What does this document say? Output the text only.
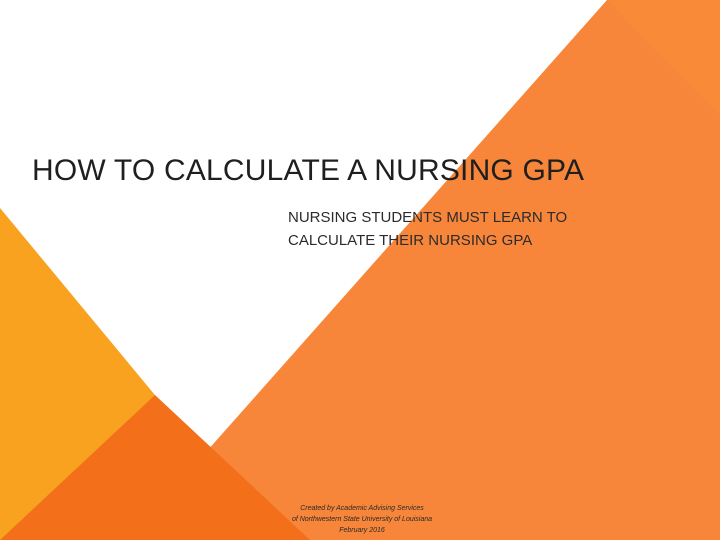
HOW TO CALCULATE A NURSING GPA
NURSING STUDENTS MUST LEARN TO
CALCULATE THEIR NURSING GPA
Created by Academic Advising Services
of Northwestern State University of Louisiana
February 2016
